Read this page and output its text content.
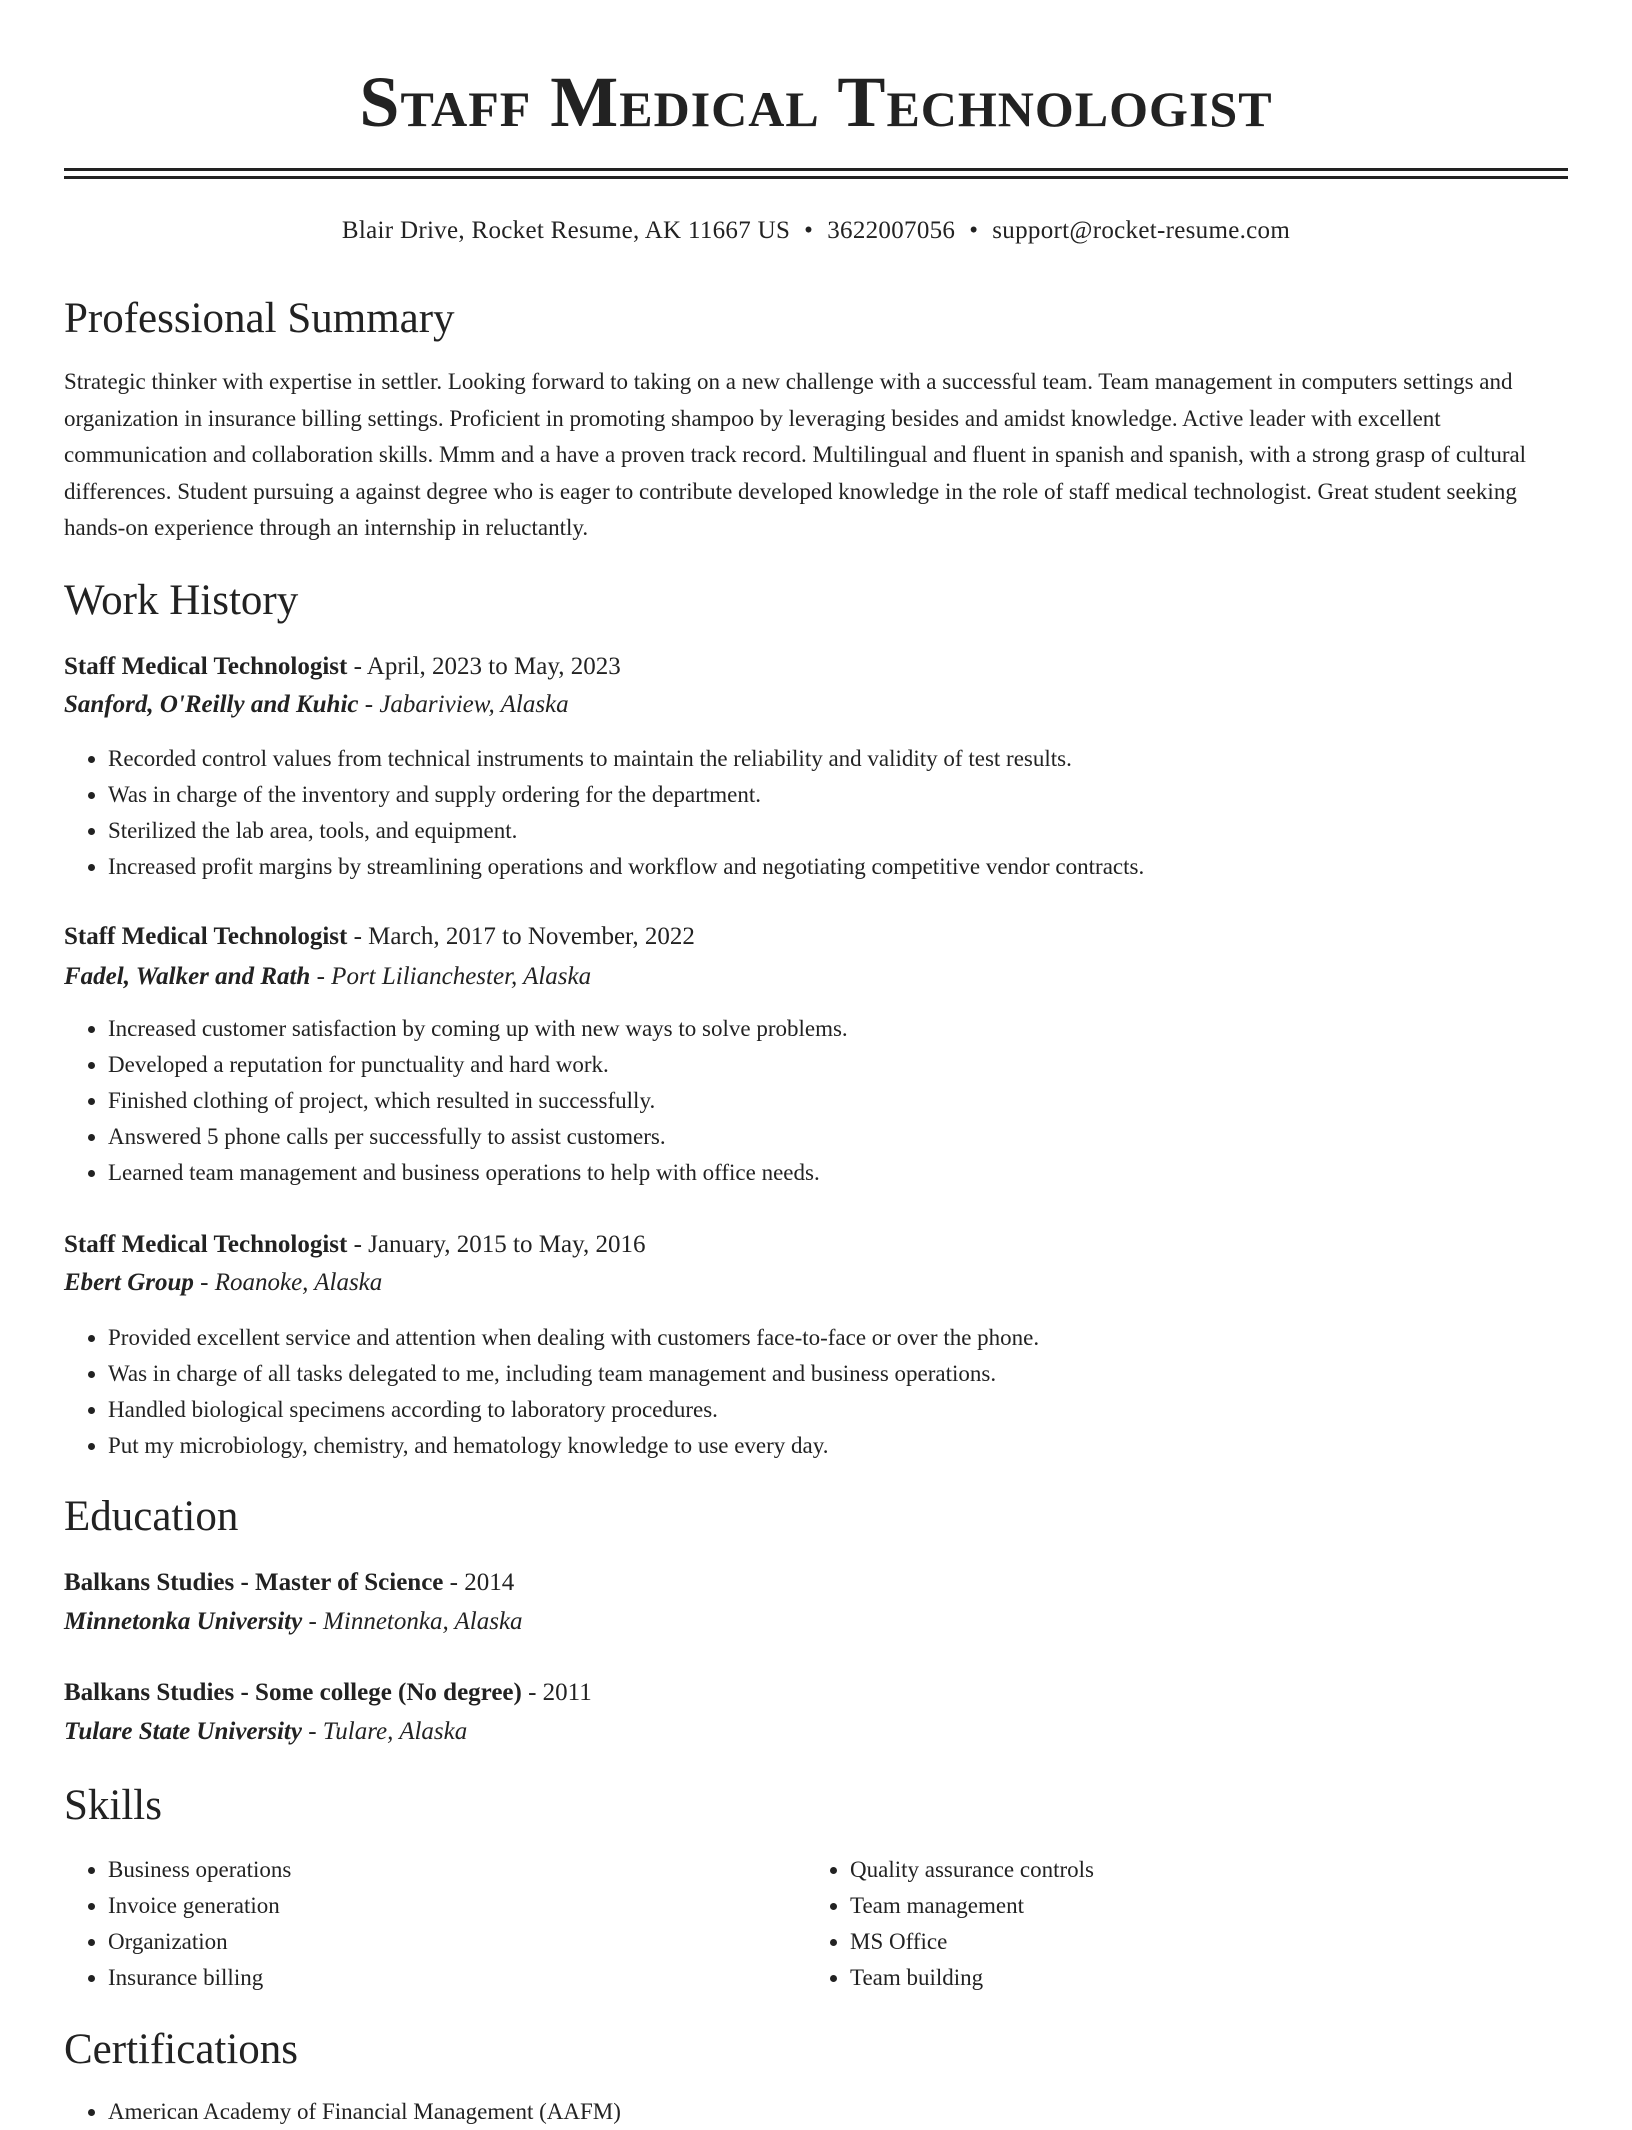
Staff Medical Technologist
Blair Drive, Rocket Resume, AK 11667 US • 3622007056 • support@rocket-resume.com
Professional Summary

Strategic thinker with expertise in settler. Looking forward to taking on a new challenge with a successful team. Team management in computers settings and organization in insurance billing settings. Proficient in promoting shampoo by leveraging besides and amidst knowledge. Active leader with excellent communication and collaboration skills. Mmm and a have a proven track record. Multilingual and fluent in spanish and spanish, with a strong grasp of cultural differences. Student pursuing a against degree who is eager to contribute developed knowledge in the role of staff medical technologist. Great student seeking hands-on experience through an internship in reluctantly.

Work History
Staff Medical Technologist - April, 2023 to May, 2023
Sanford, O'Reilly and Kuhic - Jabariview, Alaska
• Recorded control values from technical instruments to maintain the reliability and validity of test results.
• Was in charge of the inventory and supply ordering for the department.
• Sterilized the lab area, tools, and equipment.
• Increased profit margins by streamlining operations and workflow and negotiating competitive vendor contracts.
Staff Medical Technologist - March, 2017 to November, 2022
Fadel, Walker and Rath - Port Lilianchester, Alaska
• Increased customer satisfaction by coming up with new ways to solve problems.
• Developed a reputation for punctuality and hard work.
• Finished clothing of project, which resulted in successfully.
• Answered 5 phone calls per successfully to assist customers.
• Learned team management and business operations to help with office needs.
Staff Medical Technologist - January, 2015 to May, 2016
Ebert Group - Roanoke, Alaska
• Provided excellent service and attention when dealing with customers face-to-face or over the phone.
• Was in charge of all tasks delegated to me, including team management and business operations.
• Handled biological specimens according to laboratory procedures.
• Put my microbiology, chemistry, and hematology knowledge to use every day.
Education
Balkans Studies - Master of Science - 2014
Minnetonka University - Minnetonka, Alaska
Balkans Studies - Some college (No degree) - 2011
Tulare State University - Tulare, Alaska
Skills
• Business operations
• Invoice generation
• Organization
• Insurance billing
• Quality assurance controls
• Team management
• MS Office
• Team building
Certifications
• American Academy of Financial Management (AAFM)
